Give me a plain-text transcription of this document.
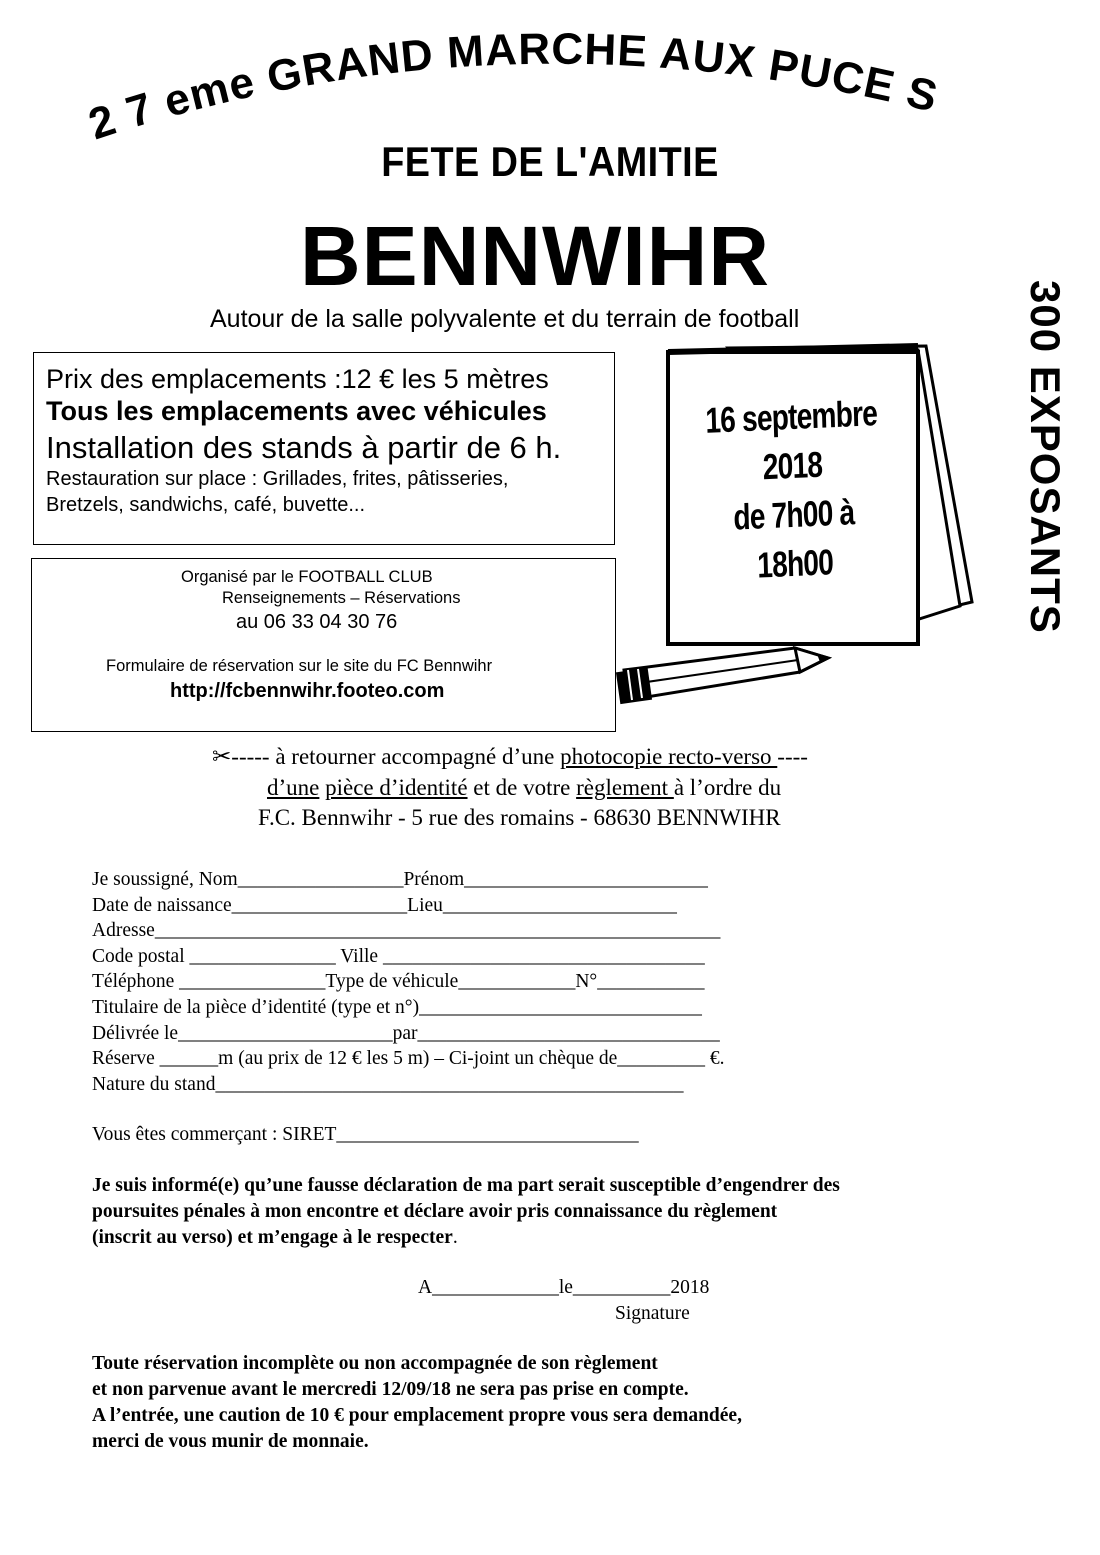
2 7 eme GRAND MARCHE AUX PUCE S
FETE DE L'AMITIE
BENNWIHR
Autour de la salle polyvalente et du terrain de football
Prix des emplacements :12 € les 5 mètres
Tous les emplacements avec véhicules
Installation des stands à partir de 6 h.
Restauration sur place : Grillades, frites, pâtisseries,
Bretzels, sandwichs, café, buvette...
Organisé par le FOOTBALL CLUB
Renseignements – Réservations
au 06 33 04 30 76
Formulaire de réservation sur le site du FC Bennwihr
http://fcbennwihr.footeo.com
16 septembre 2018
de 7h00 à 18h00	300 EXPOSANTS
✂----- à retourner accompagné d’une photocopie recto-verso ----
d’une pièce d’identité et de votre règlement à l’ordre du
F.C. Bennwihr - 5 rue des romains - 68630 BENNWIHR
Je soussigné, Nom_________________Prénom_________________________
Date de naissance__________________Lieu________________________
Adresse__________________________________________________________
Code postal _______________ Ville _________________________________
Téléphone _______________Type de véhicule____________N°___________
Titulaire de la pièce d’identité (type et n°)_____________________________
Délivrée le______________________par_______________________________
Réserve ______m (au prix de 12 € les 5 m) – Ci-joint un chèque de_________ €.
Nature du stand________________________________________________
Vous êtes commerçant : SIRET_______________________________
Je suis informé(e) qu’une fausse déclaration de ma part serait susceptible d’engendrer des
poursuites pénales à mon encontre et déclare avoir pris connaissance du règlement
(inscrit au verso) et m’engage à le respecter.
A_____________le__________2018
Signature
Toute réservation incomplète ou non accompagnée de son règlement
et non parvenue avant le mercredi 12/09/18 ne sera pas prise en compte.
A l’entrée, une caution de 10 € pour emplacement propre vous sera demandée,
merci de vous munir de monnaie.
